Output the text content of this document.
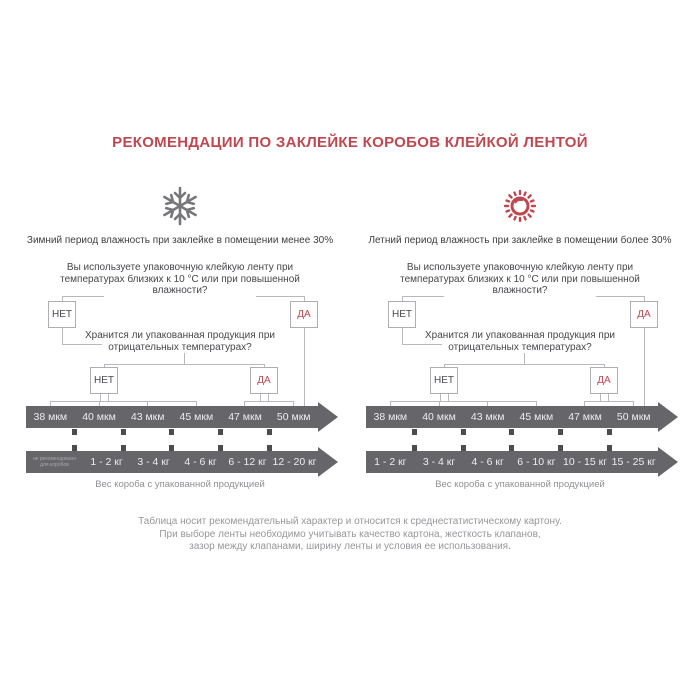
РЕКОМЕНДАЦИИ ПО ЗАКЛЕЙКЕ КОРОБОВ КЛЕЙКОЙ ЛЕНТОЙ
Зимний период влажность при заклейке в помещении менее 30%
Вы используете упаковочную клейкую ленту при температурах близких к 10 °С или при повышенной влажности?
НЕТ	ДА
Хранится ли упакованная продукция при отрицательных температурах?
НЕТ	ДА
38 мкм	40 мкм	43 мкм	45 мкм	47 мкм	50 мкм
не рекомендовано для коробов	1 - 2 кг	3 - 4 кг	4 - 6 кг	6 - 12 кг 12 - 20 кг
Вес короба с упакованной продукцией
Летний период влажность при заклейке в помещении более 30%
Вы используете упаковочную клейкую ленту при температурах близких к 10 °С или при повышенной влажности?
НЕТ	ДА
Хранится ли упакованная продукция при отрицательных температурах?
НЕТ	ДА
38 мкм	40 мкм	43 мкм	45 мкм	47 мкм	50 мкм
1 - 2 кг	3 - 4 кг	4 - 6 кг	6 - 10 кг 10 - 15 кг 15 - 25 кг
Вес короба с упакованной продукцией
Таблица носит рекомендательный характер и относится к среднестатистическому картону.
При выборе ленты необходимо учитывать качество картона, жесткость клапанов,
зазор между клапанами, ширину ленты и условия ее использования.
